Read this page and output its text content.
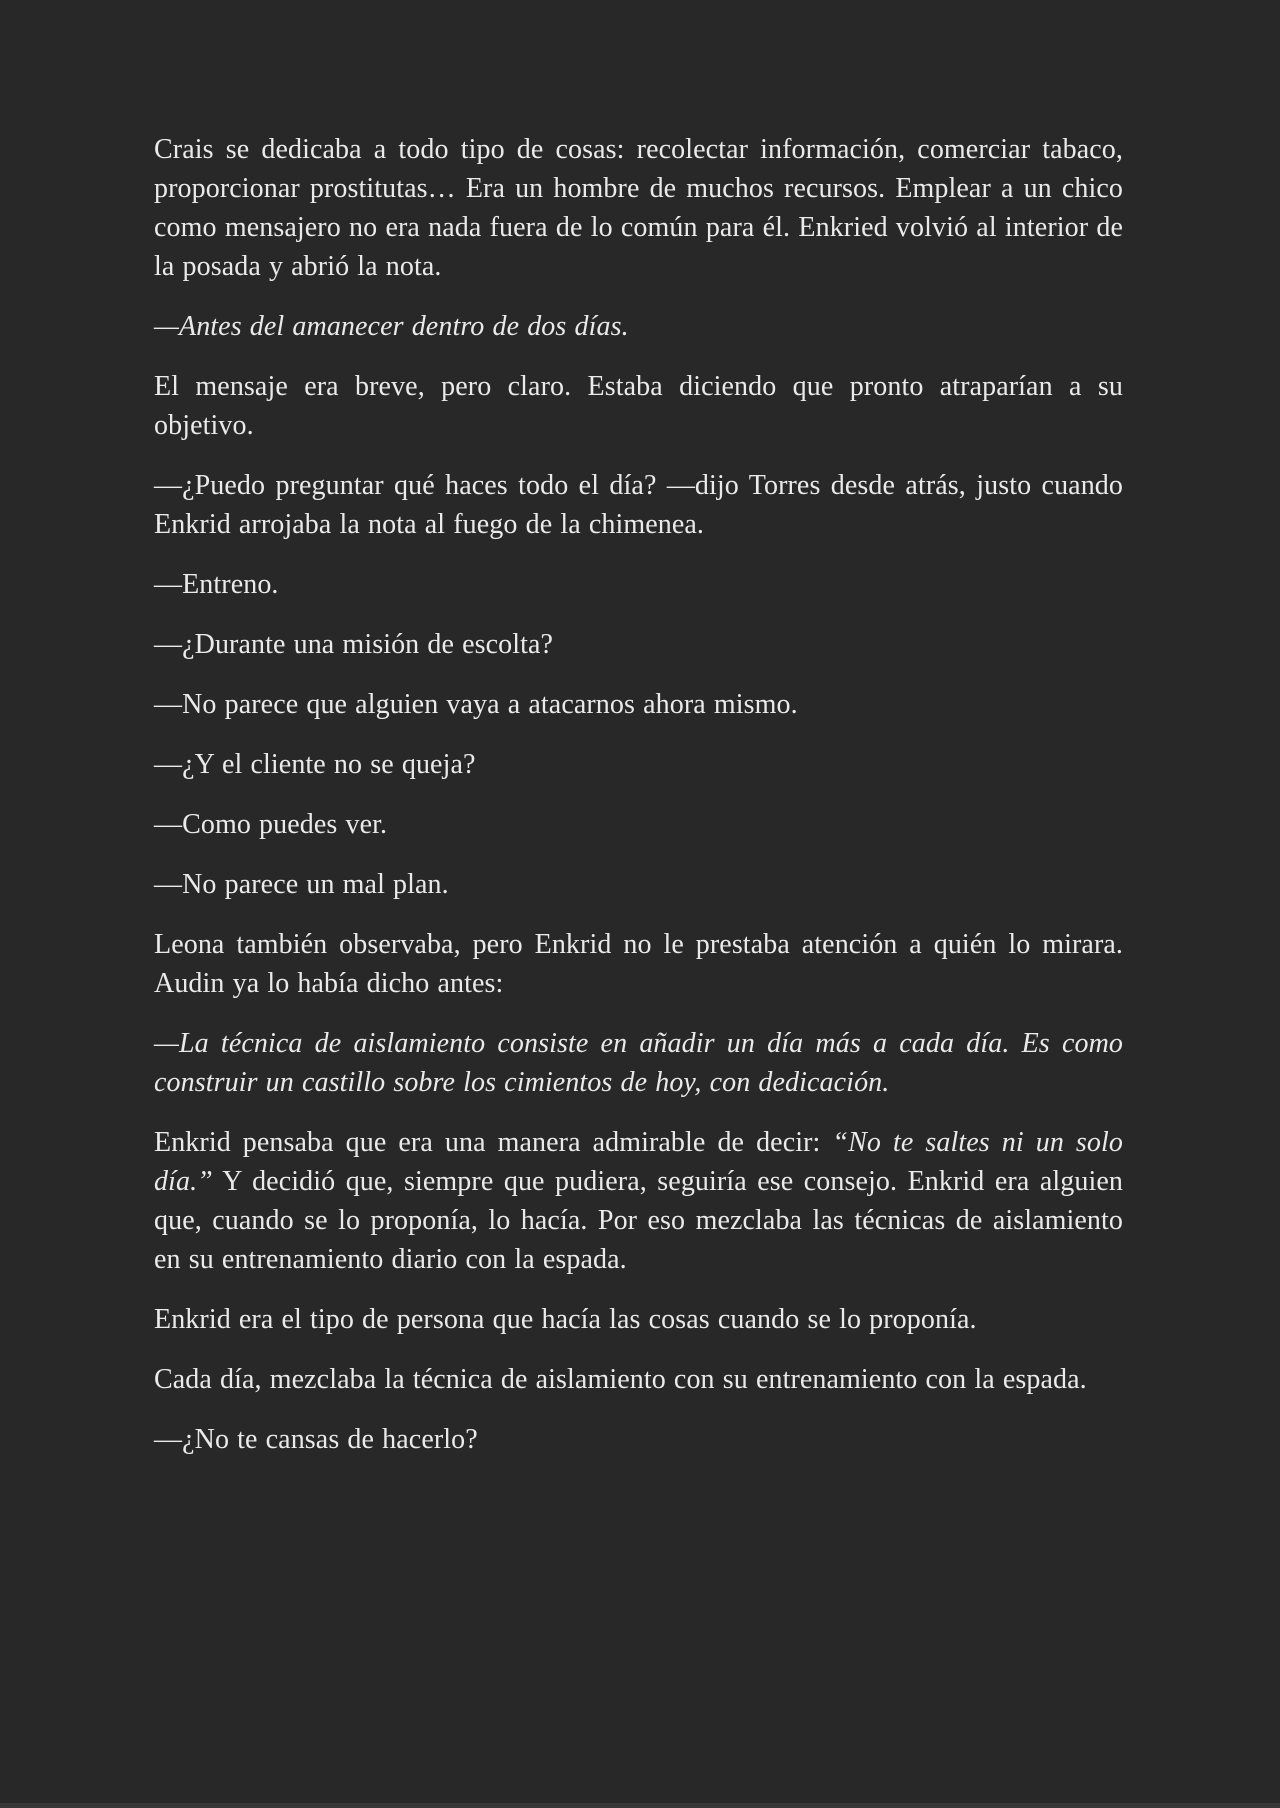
Crais se dedicaba a todo tipo de cosas: recolectar información, comerciar tabaco, proporcionar prostitutas… Era un hombre de muchos recursos. Emplear a un chico como mensajero no era nada fuera de lo común para él. Enkried volvió al interior de la posada y abrió la nota.

—Antes del amanecer dentro de dos días.

El mensaje era breve, pero claro. Estaba diciendo que pronto atraparían a su objetivo.

—¿Puedo preguntar qué haces todo el día? —dijo Torres desde atrás, justo cuando Enkrid arrojaba la nota al fuego de la chimenea.

—Entreno.

—¿Durante una misión de escolta?

—No parece que alguien vaya a atacarnos ahora mismo.

—¿Y el cliente no se queja?

—Como puedes ver.

—No parece un mal plan.

Leona también observaba, pero Enkrid no le prestaba atención a quién lo mirara. Audin ya lo había dicho antes:

—La técnica de aislamiento consiste en añadir un día más a cada día. Es como construir un castillo sobre los cimientos de hoy, con dedicación.

Enkrid pensaba que era una manera admirable de decir: “No te saltes ni un solo día.” Y decidió que, siempre que pudiera, seguiría ese consejo. Enkrid era alguien que, cuando se lo proponía, lo hacía. Por eso mezclaba las técnicas de aislamiento en su entrenamiento diario con la espada.

Enkrid era el tipo de persona que hacía las cosas cuando se lo proponía.

Cada día, mezclaba la técnica de aislamiento con su entrenamiento con la espada.

—¿No te cansas de hacerlo?
